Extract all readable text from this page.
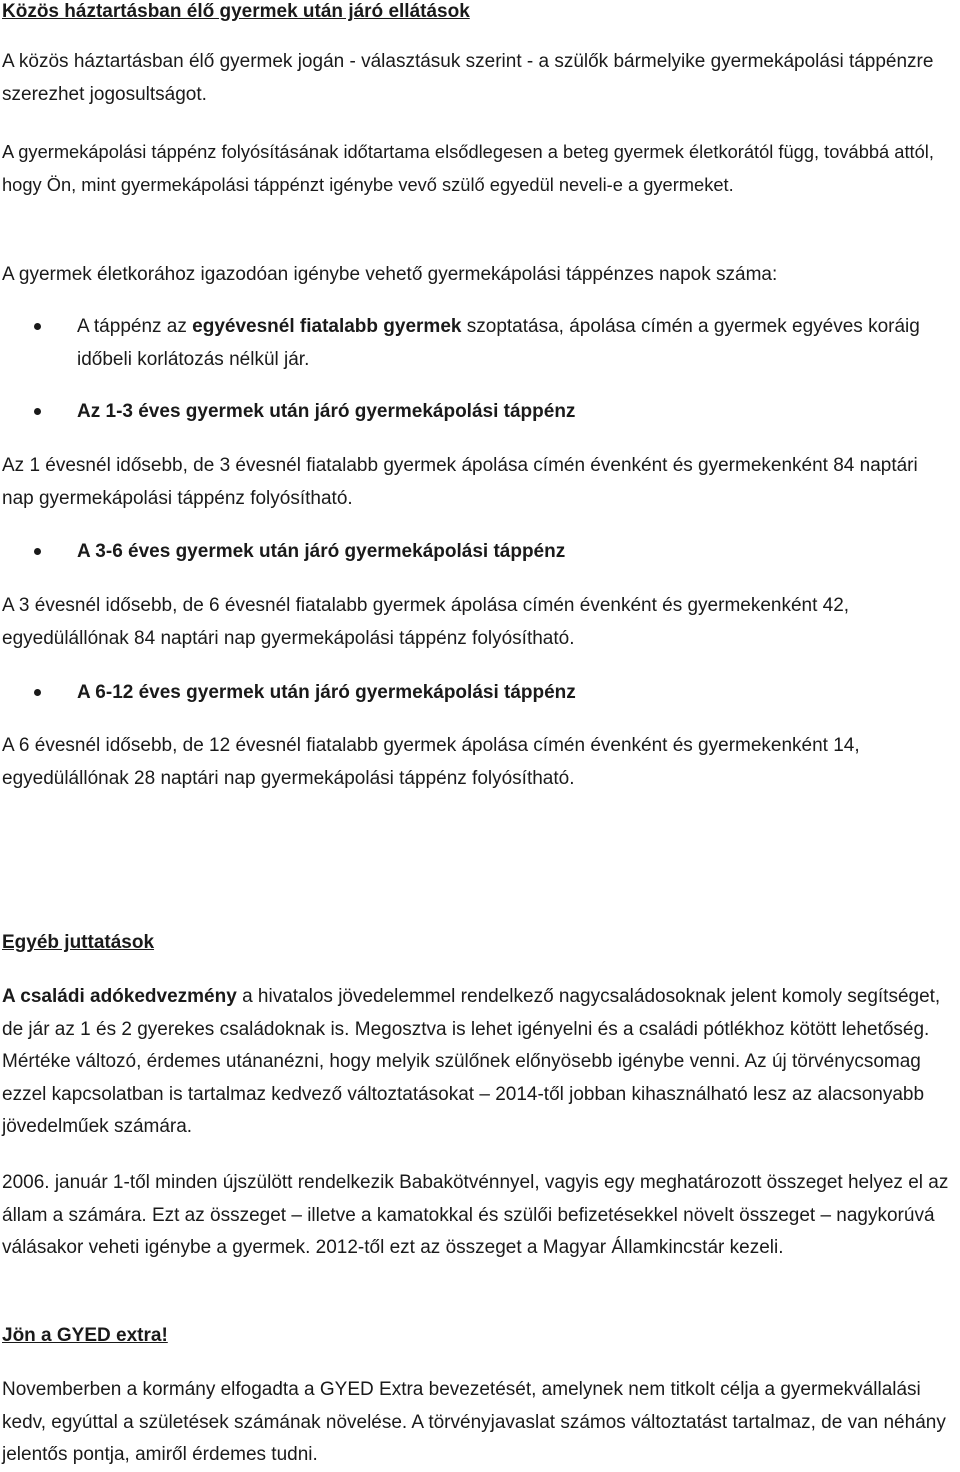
Közös háztartásban élő gyermek után járó ellátások

A közös háztartásban élő gyermek jogán - választásuk szerint - a szülők bármelyike gyermekápolási táppénzre szerezhet jogosultságot.

A gyermekápolási táppénz folyósításának időtartama elsődlegesen a beteg gyermek életkorától függ, továbbá attól, hogy Ön, mint gyermekápolási táppénzt igénybe vevő szülő egyedül neveli-e a gyermeket.

A gyermek életkorához igazodóan igénybe vehető gyermekápolási táppénzes napok száma:

A táppénz az egyévesnél fiatalabb gyermek szoptatása, ápolása címén a gyermek egyéves koráig időbeli korlátozás nélkül jár.
Az 1-3 éves gyermek után járó gyermekápolási táppénz

Az 1 évesnél idősebb, de 3 évesnél fiatalabb gyermek ápolása címén évenként és gyermekenként 84 naptári nap gyermekápolási táppénz folyósítható.

A 3-6 éves gyermek után járó gyermekápolási táppénz

A 3 évesnél idősebb, de 6 évesnél fiatalabb gyermek ápolása címén évenként és gyermekenként 42, egyedülállónak 84 naptári nap gyermekápolási táppénz folyósítható.

A 6-12 éves gyermek után járó gyermekápolási táppénz

A 6 évesnél idősebb, de 12 évesnél fiatalabb gyermek ápolása címén évenként és gyermekenként 14, egyedülállónak 28 naptári nap gyermekápolási táppénz folyósítható.

Egyéb juttatások

A családi adókedvezmény a hivatalos jövedelemmel rendelkező nagycsaládosoknak jelent komoly segítséget, de jár az 1 és 2 gyerekes családoknak is. Megosztva is lehet igényelni és a családi pótlékhoz kötött lehetőség. Mértéke változó, érdemes utánanézni, hogy melyik szülőnek előnyösebb igénybe venni. Az új törvénycsomag ezzel kapcsolatban is tartalmaz kedvező változtatásokat – 2014-től jobban kihasználható lesz az alacsonyabb jövedelműek számára.

2006. január 1-től minden újszülött rendelkezik Babakötvénnyel, vagyis egy meghatározott összeget helyez el az állam a számára. Ezt az összeget – illetve a kamatokkal és szülői befizetésekkel növelt összeget – nagykorúvá válásakor veheti igénybe a gyermek. 2012-től ezt az összeget a Magyar Államkincstár kezeli.

Jön a GYED extra!

Novemberben a kormány elfogadta a GYED Extra bevezetését, amelynek nem titkolt célja a gyermekvállalási kedv, egyúttal a születések számának növelése. A törvényjavaslat számos változtatást tartalmaz, de van néhány jelentős pontja, amiről érdemes tudni.
